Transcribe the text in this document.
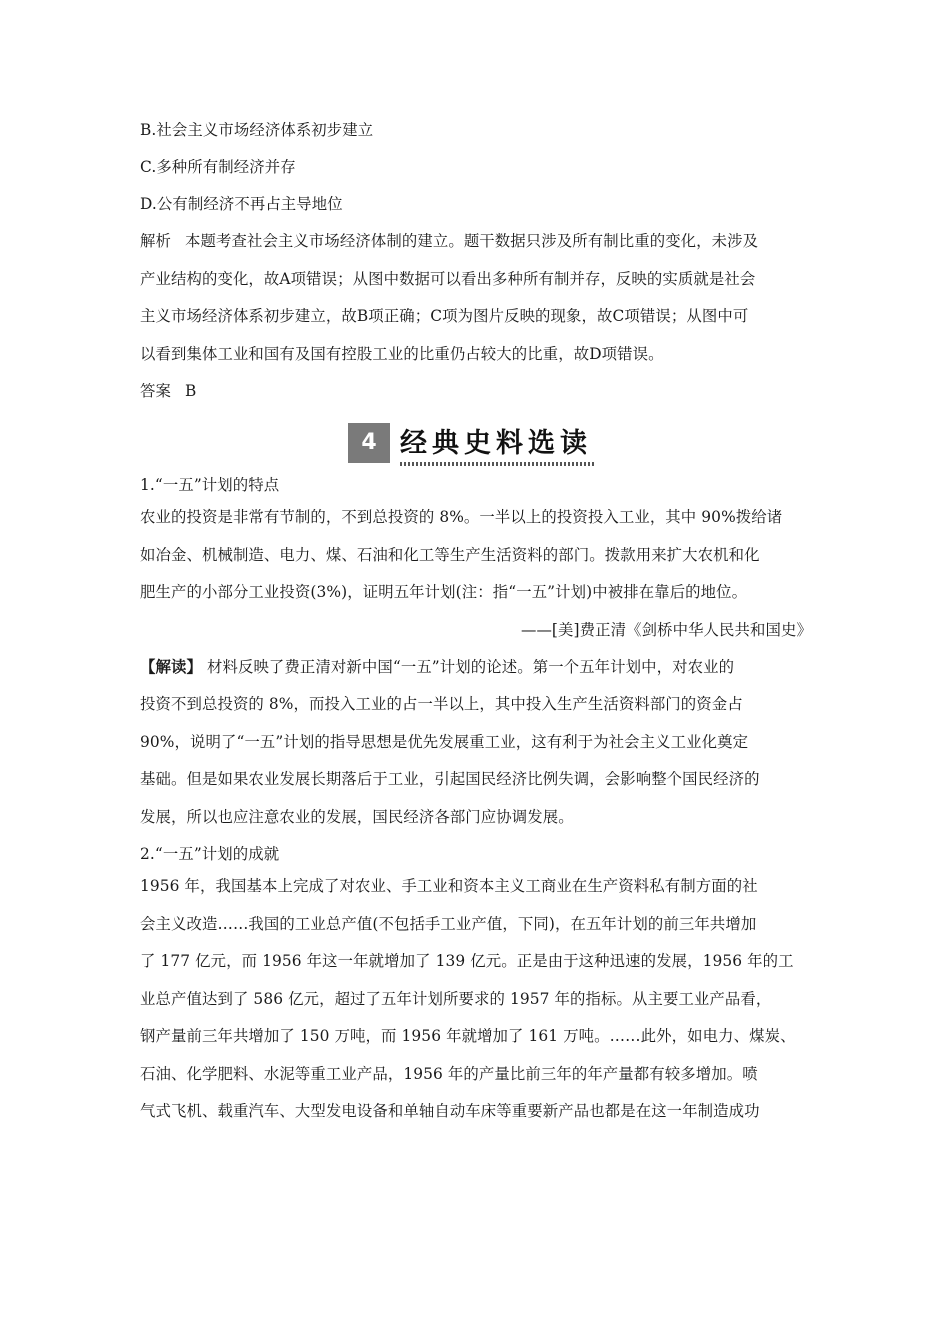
B.社会主义市场经济体系初步建立
C.多种所有制经济并存
D.公有制经济不再占主导地位
解析 本题考查社会主义市场经济体制的建立。题干数据只涉及所有制比重的变化，未涉及
产业结构的变化，故A项错误；从图中数据可以看出多种所有制并存，反映的实质就是社会
主义市场经济体系初步建立，故B项正确；C项为图片反映的现象，故C项错误；从图中可
以看到集体工业和国有及国有控股工业的比重仍占较大的比重，故D项错误。
答案 B
4 经典史料选读
1.“一五”计划的特点
农业的投资是非常有节制的，不到总投资的 8%。一半以上的投资投入工业，其中 90%拨给诸
如冶金、机械制造、电力、煤、石油和化工等生产生活资料的部门。拨款用来扩大农机和化
肥生产的小部分工业投资(3%)，证明五年计划(注：指“一五”计划)中被排在靠后的地位。
——[美]费正清《剑桥中华人民共和国史》
【解读】 材料反映了费正清对新中国“一五”计划的论述。第一个五年计划中，对农业的
投资不到总投资的 8%，而投入工业的占一半以上，其中投入生产生活资料部门的资金占
90%，说明了“一五”计划的指导思想是优先发展重工业，这有利于为社会主义工业化奠定
基础。但是如果农业发展长期落后于工业，引起国民经济比例失调，会影响整个国民经济的
发展，所以也应注意农业的发展，国民经济各部门应协调发展。
2.“一五”计划的成就
1956 年，我国基本上完成了对农业、手工业和资本主义工商业在生产资料私有制方面的社
会主义改造……我国的工业总产值(不包括手工业产值，下同)，在五年计划的前三年共增加
了 177 亿元，而 1956 年这一年就增加了 139 亿元。正是由于这种迅速的发展，1956 年的工
业总产值达到了 586 亿元，超过了五年计划所要求的 1957 年的指标。从主要工业产品看，
钢产量前三年共增加了 150 万吨，而 1956 年就增加了 161 万吨。……此外，如电力、煤炭、
石油、化学肥料、水泥等重工业产品，1956 年的产量比前三年的年产量都有较多增加。喷
气式飞机、载重汽车、大型发电设备和单轴自动车床等重要新产品也都是在这一年制造成功
